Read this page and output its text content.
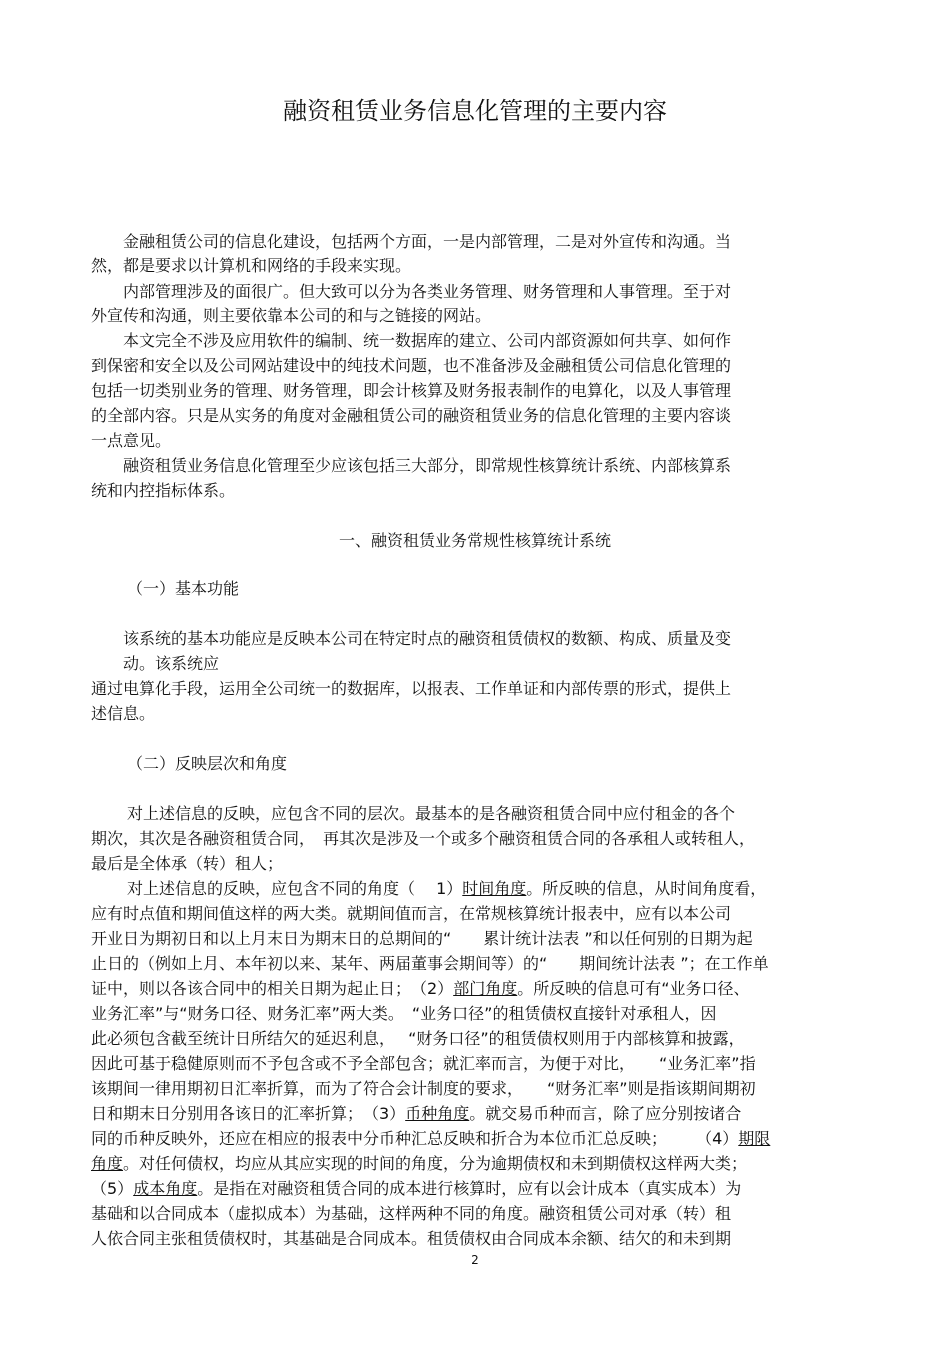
融资租赁业务信息化管理的主要内容
金融租赁公司的信息化建设，包括两个方面，一是内部管理，二是对外宣传和沟通。当
然，都是要求以计算机和网络的手段来实现。
内部管理涉及的面很广。但大致可以分为各类业务管理、财务管理和人事管理。至于对
外宣传和沟通，则主要依靠本公司的和与之链接的网站。
本文完全不涉及应用软件的编制、统一数据库的建立、公司内部资源如何共享、如何作
到保密和安全以及公司网站建设中的纯技术问题，也不准备涉及金融租赁公司信息化管理的
包括一切类别业务的管理、财务管理，即会计核算及财务报表制作的电算化，以及人事管理
的全部内容。只是从实务的角度对金融租赁公司的融资租赁业务的信息化管理的主要内容谈
一点意见。
融资租赁业务信息化管理至少应该包括三大部分，即常规性核算统计系统、内部核算系
统和内控指标体系。
一、融资租赁业务常规性核算统计系统
（一）基本功能
该系统的基本功能应是反映本公司在特定时点的融资租赁债权的数额、构成、质量及变
动。该系统应
通过电算化手段，运用全公司统一的数据库，以报表、工作单证和内部传票的形式，提供上
述信息。
（二）反映层次和角度
对上述信息的反映，应包含不同的层次。最基本的是各融资租赁合同中应付租金的各个
期次，其次是各融资租赁合同，　再其次是涉及一个或多个融资租赁合同的各承租人或转租人，
最后是全体承（转）租人；
对上述信息的反映，应包含不同的角度（　 1）时间角度。所反映的信息，从时间角度看，
应有时点值和期间值这样的两大类。就期间值而言，在常规核算统计报表中，应有以本公司
开业日为期初日和以上月末日为期末日的总期间的“　　累计统计法表 ”和以任何别的日期为起
止日的（例如上月、本年初以来、某年、两届董事会期间等）的“　　期间统计法表 ”；在工作单
证中，则以各该合同中的相关日期为起止日；　（2）部门角度。所反映的信息可有“业务口径、
业务汇率”与“财务口径、财务汇率”两大类。　“业务口径”的租赁债权直接针对承租人，因
此必须包含截至统计日所结欠的延迟利息，　 “财务口径”的租赁债权则用于内部核算和披露，
因此可基于稳健原则而不予包含或不予全部包含；就汇率而言，为便于对比，　　“业务汇率”指
该期间一律用期初日汇率折算，而为了符合会计制度的要求，　　“财务汇率”则是指该期间期初
日和期末日分别用各该日的汇率折算；　（3）币种角度。就交易币种而言，除了应分别按诸合
同的币种反映外，还应在相应的报表中分币种汇总反映和折合为本位币汇总反映；　　 （4）期限
角度。对任何债权，均应从其应实现的时间的角度，分为逾期债权和未到期债权这样两大类；
（5）成本角度。是指在对融资租赁合同的成本进行核算时，应有以会计成本（真实成本）为
基础和以合同成本（虚拟成本）为基础，这样两种不同的角度。融资租赁公司对承（转）租
人依合同主张租赁债权时，其基础是合同成本。租赁债权由合同成本余额、结欠的和未到期
2
